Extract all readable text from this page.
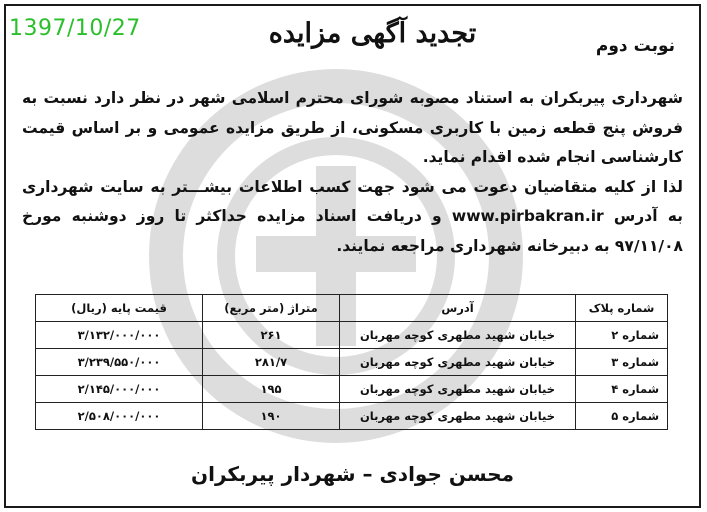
نوبت دوم
تجدید آگهی مزایده

شهرداری پیربکران به استناد مصوبه شورای محترم اسلامی شهر در نظر دارد نسبت به فروش پنج قطعه زمین با کاربری مسکونی، از طریق مزایده عمومی و بر اساس قیمت کارشناسی انجام شده اقدام نماید.

لذا از کلیه متقاضیان دعوت می شود جهت کسب اطلاعات بیشـــتر به سایت شهرداری به آدرس www.pirbakran.ir و دریافت اسناد مزایده حداکثر تا روز دوشنبه مورخ ۹۷/۱۱/۰۸ به دبیرخانه شهرداری مراجعه نمایند.

شماره پلاک	آدرس	متراژ (متر مربع)	قیمت پایه (ریال)
شماره ۲	خیابان شهید مطهری کوچه مهربان	۲۶۱	۳/۱۳۲/۰۰۰/۰۰۰
شماره ۳	خیابان شهید مطهری کوچه مهربان	۲۸۱/۷	۳/۲۳۹/۵۵۰/۰۰۰
شماره ۴	خیابان شهید مطهری کوچه مهربان	۱۹۵	۲/۱۴۵/۰۰۰/۰۰۰
شماره ۵	خیابان شهید مطهری کوچه مهربان	۱۹۰	۲/۵۰۸/۰۰۰/۰۰۰
محسن جوادی – شهردار پیربکران
1397/10/27
